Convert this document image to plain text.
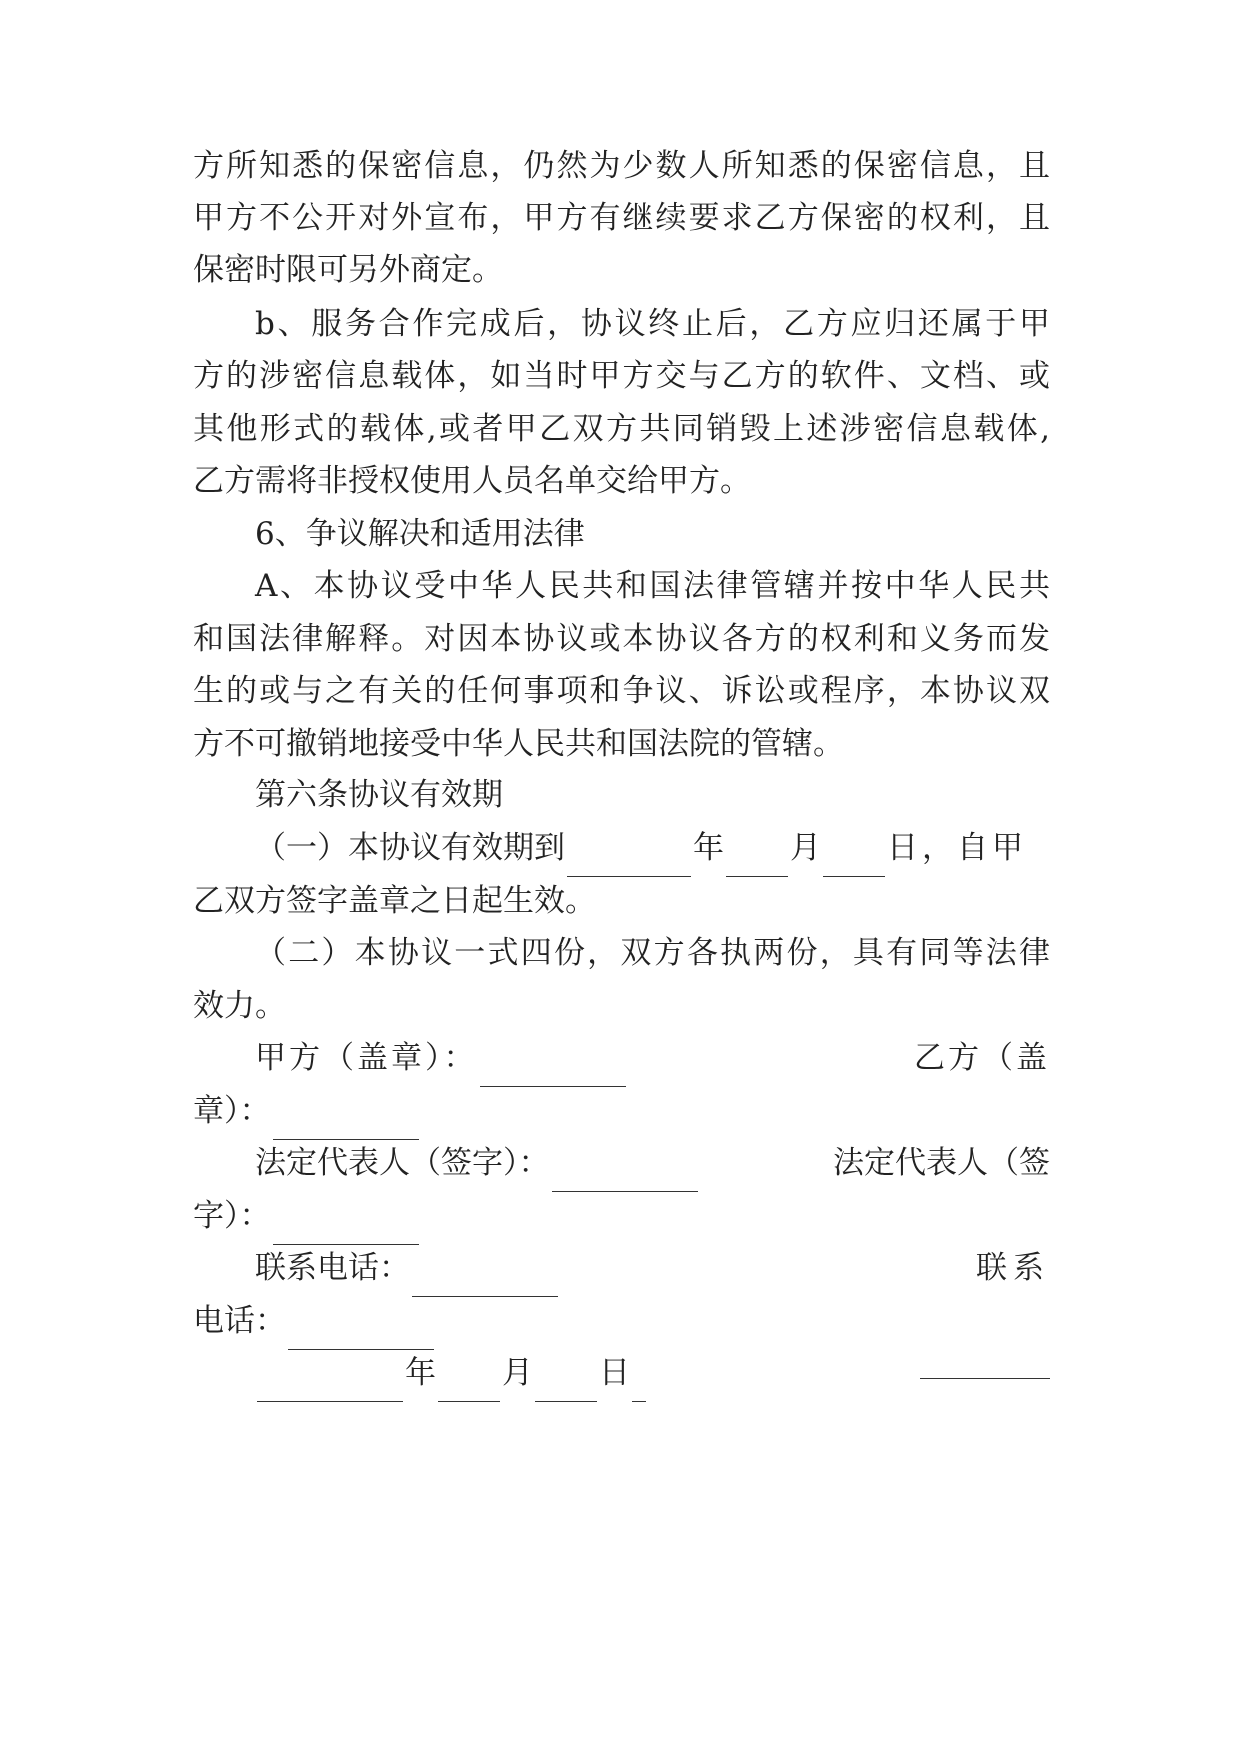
方所知悉的保密信息，仍然为少数人所知悉的保密信息，且
甲方不公开对外宣布，甲方有继续要求乙方保密的权利，且
保密时限可另外商定。
b、服务合作完成后，协议终止后，乙方应归还属于甲
方的涉密信息载体，如当时甲方交与乙方的软件、文档、或
其他形式的载体,或者甲乙双方共同销毁上述涉密信息载体,
乙方需将非授权使用人员名单交给甲方。
6、争议解决和适用法律
A、本协议受中华人民共和国法律管辖并按中华人民共
和国法律解释。对因本协议或本协议各方的权利和义务而发
生的或与之有关的任何事项和争议、诉讼或程序，本协议双
方不可撤销地接受中华人民共和国法院的管辖。
第六条协议有效期
（一）本协议有效期到	年 月 日，自甲
乙双方签字盖章之日起生效。
（二）本协议一式四份，双方各执两份，具有同等法律
效力。
甲方（盖章）：	乙方（盖
章）：
法定代表人（签字）：	法定代表人（签
字）：
联系电话：	联系
电话：
年 月 日
